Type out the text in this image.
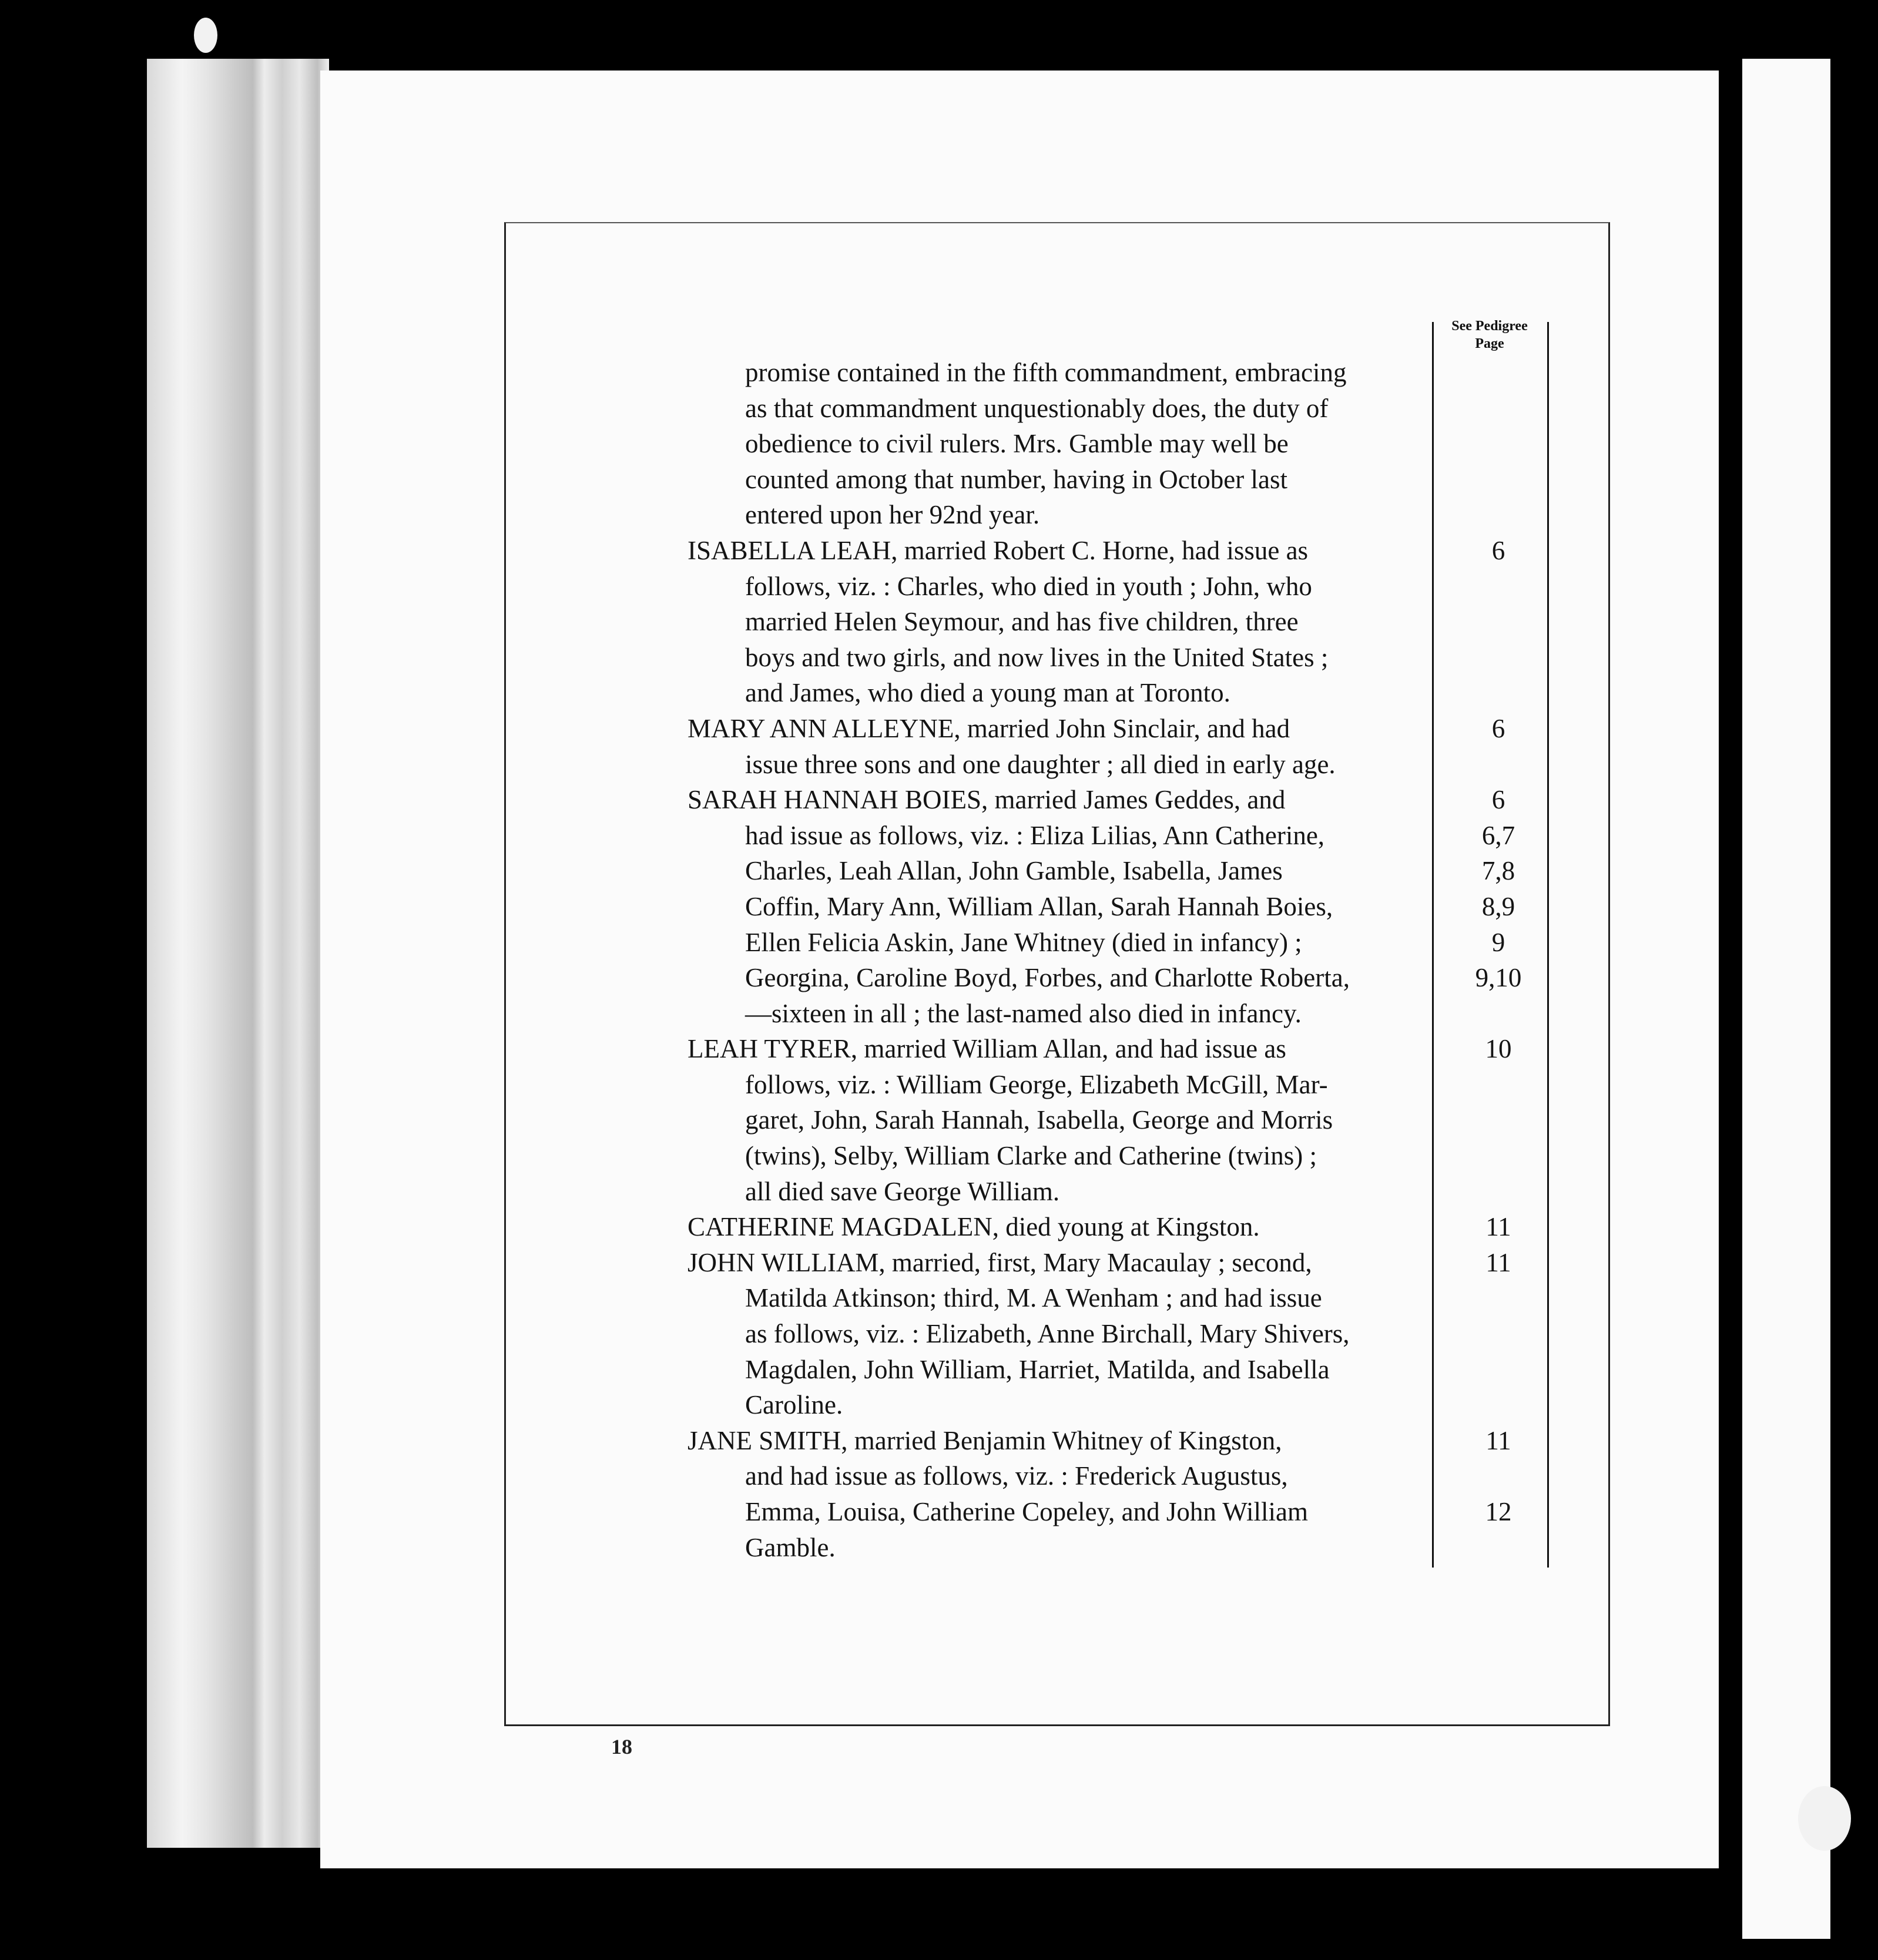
See Pedigree
Page
promise contained in the fifth commandment, embracing
as that commandment unquestionably does, the duty of
obedience to civil rulers. Mrs. Gamble may well be
counted among that number, having in October last
entered upon her 92nd year.
ISABELLA LEAH, married Robert C. Horne, had issue as
follows, viz. : Charles, who died in youth ; John, who
married Helen Seymour, and has five children, three
boys and two girls, and now lives in the United States ;
and James, who died a young man at Toronto.
MARY ANN ALLEYNE, married John Sinclair, and had
issue three sons and one daughter ; all died in early age.
SARAH HANNAH BOIES, married James Geddes, and
had issue as follows, viz. : Eliza Lilias, Ann Catherine,
Charles, Leah Allan, John Gamble, Isabella, James
Coffin, Mary Ann, William Allan, Sarah Hannah Boies,
Ellen Felicia Askin, Jane Whitney (died in infancy) ;
Georgina, Caroline Boyd, Forbes, and Charlotte Roberta,
—sixteen in all ; the last-named also died in infancy.
LEAH TYRER, married William Allan, and had issue as
follows, viz. : William George, Elizabeth McGill, Mar-
garet, John, Sarah Hannah, Isabella, George and Morris
(twins), Selby, William Clarke and Catherine (twins) ;
all died save George William.
CATHERINE MAGDALEN, died young at Kingston.
JOHN WILLIAM, married, first, Mary Macaulay ; second,
Matilda Atkinson; third, M. A Wenham ; and had issue
as follows, viz. : Elizabeth, Anne Birchall, Mary Shivers,
Magdalen, John William, Harriet, Matilda, and Isabella
Caroline.
JANE SMITH, married Benjamin Whitney of Kingston,
and had issue as follows, viz. : Frederick Augustus,
Emma, Louisa, Catherine Copeley, and John William
Gamble.
6
6
6
6,7
7,8
8,9
9
9,10
10
11
11
11
12
18
